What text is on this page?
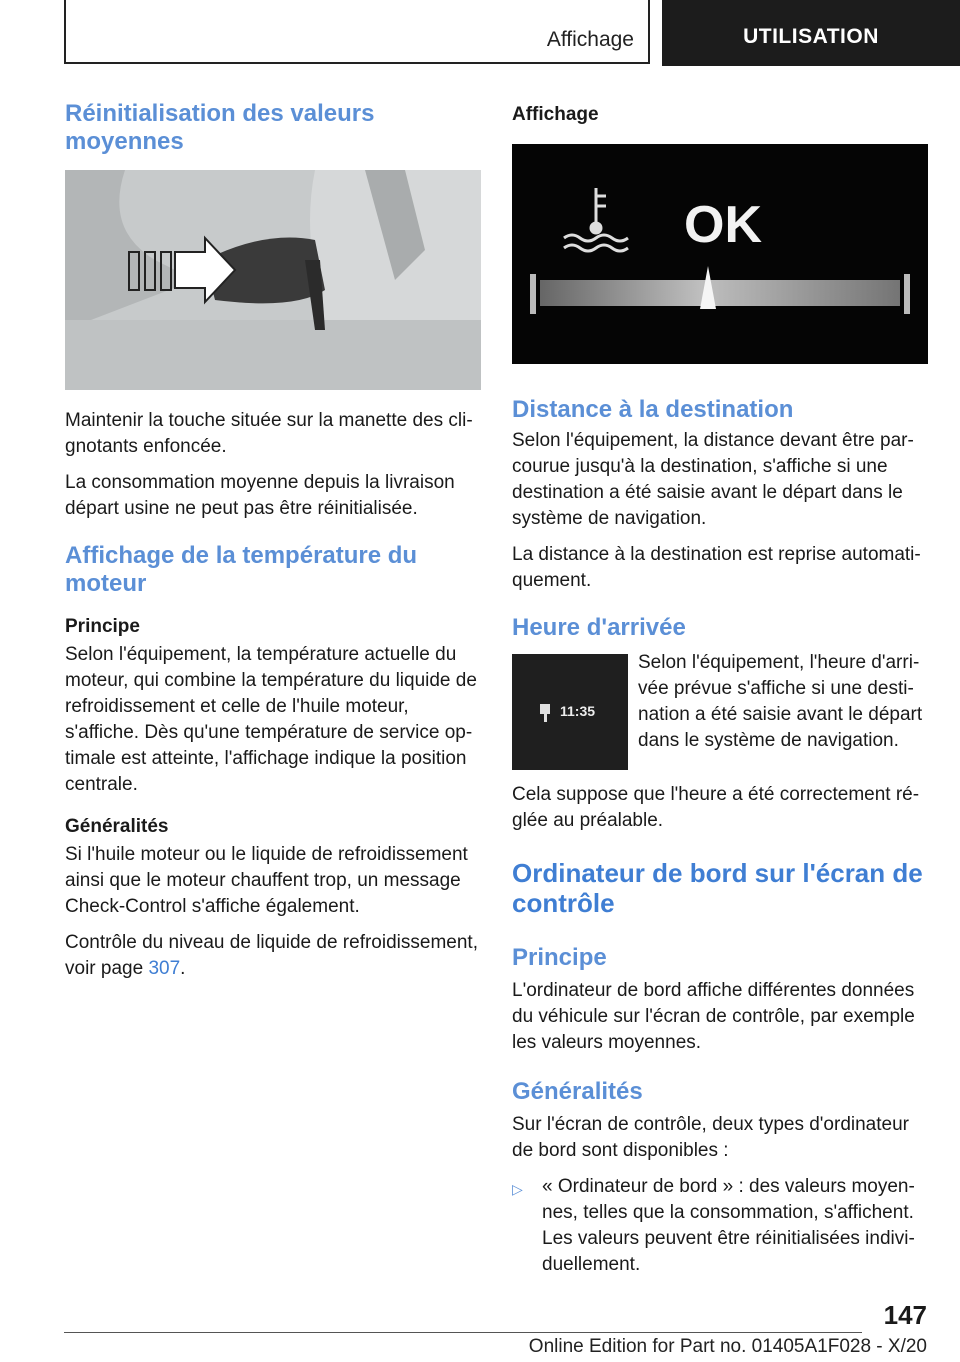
Affichage	UTILISATION
Réinitialisation des valeurs moyennes

Maintenir la touche située sur la manette des clignotants enfoncée.

La consommation moyenne depuis la livraison départ usine ne peut pas être réinitialisée.

Affichage de la température du moteur
Principe

Selon l'équipement, la température actuelle du moteur, qui combine la température du liquide de refroidissement et celle de l'huile moteur, s'affiche. Dès qu'une température de service optimale est atteinte, l'affichage indique la position centrale.

Généralités

Si l'huile moteur ou le liquide de refroidissement ainsi que le moteur chauffent trop, un message Check-Control s'affiche également.

Contrôle du niveau de liquide de refroidissement, voir page 307.

Affichage
OK
Distance à la destination

Selon l'équipement, la distance devant être parcourue jusqu'à la destination, s'affiche si une destination a été saisie avant le départ dans le système de navigation.

La distance à la destination est reprise automatiquement.

Heure d'arrivée
11:35

Selon l'équipement, l'heure d'arrivée prévue s'affiche si une destination a été saisie avant le départ dans le système de navigation.

Cela suppose que l'heure a été correctement réglée au préalable.

Ordinateur de bord sur l'écran de contrôle
Principe

L'ordinateur de bord affiche différentes données du véhicule sur l'écran de contrôle, par exemple les valeurs moyennes.

Généralités

Sur l'écran de contrôle, deux types d'ordinateur de bord sont disponibles :

▷	« Ordinateur de bord » : des valeurs moyennes, telles que la consommation, s'affichent. Les valeurs peuvent être réinitialisées individuellement.
147
Online Edition for Part no. 01405A1F028 - X/20
